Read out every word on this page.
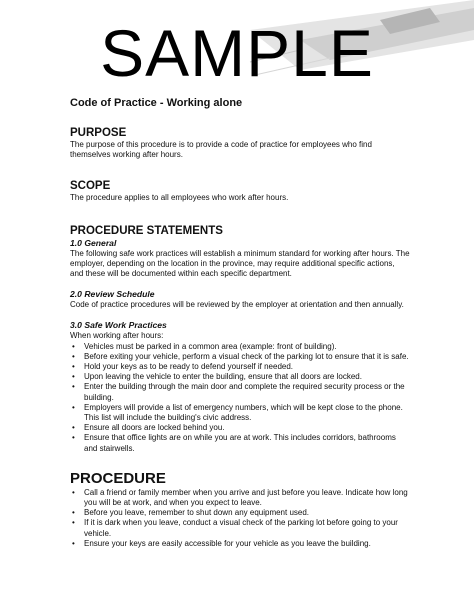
SAMPLE

Code of Practice - Working alone

PURPOSE

The purpose of this procedure is to provide a code of practice for employees who find themselves working after hours.

SCOPE

The procedure applies to all employees who work after hours.

PROCEDURE STATEMENTS

1.0 General

The following safe work practices will establish a minimum standard for working after hours. The employer, depending on the location in the province, may require additional specific actions, and these will be documented within each specific department.

2.0 Review Schedule

Code of practice procedures will be reviewed by the employer at orientation and then annually.

3.0 Safe Work Practices

When working after hours:

• Vehicles must be parked in a common area (example: front of building).
• Before exiting your vehicle, perform a visual check of the parking lot to ensure that it is safe.
• Hold your keys as to be ready to defend yourself if needed.
• Upon leaving the vehicle to enter the building, ensure that all doors are locked.
• Enter the building through the main door and complete the required security process or the building.
• Employers will provide a list of emergency numbers, which will be kept close to the phone. This list will include the building's civic address.
• Ensure all doors are locked behind you.
• Ensure that office lights are on while you are at work. This includes corridors, bathrooms and stairwells.

PROCEDURE

• Call a friend or family member when you arrive and just before you leave. Indicate how long you will be at work, and when you expect to leave.
• Before you leave, remember to shut down any equipment used.
• If it is dark when you leave, conduct a visual check of the parking lot before going to your vehicle.
• Ensure your keys are easily accessible for your vehicle as you leave the building.
